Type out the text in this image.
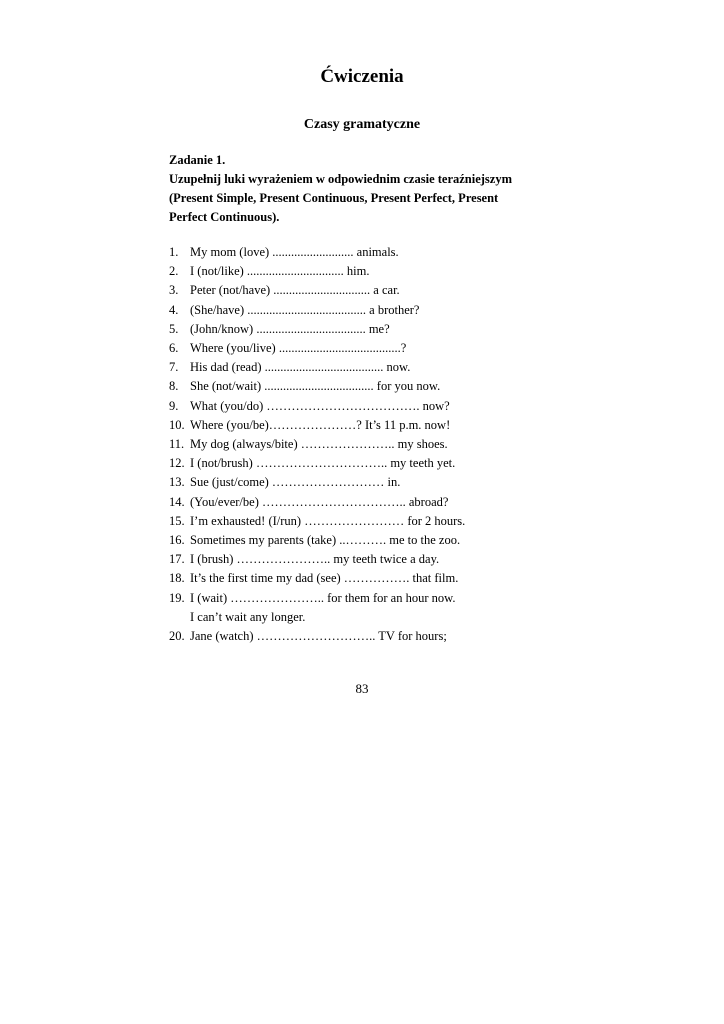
Ćwiczenia
Czasy gramatyczne
Zadanie 1.
Uzupełnij luki wyrażeniem w odpowiednim czasie teraźniejszym
(Present Simple, Present Continuous, Present Perfect, Present
Perfect Continuous).
1. My mom (love) .......................... animals.
2. I (not/like) ............................... him.
3. Peter (not/have) ............................... a car.
4. (She/have) ...................................... a brother?
5. (John/know) ................................... me?
6. Where (you/live) .......................................?
7. His dad (read) ...................................... now.
8. She (not/wait) ................................... for you now.
9. What (you/do) ………………………………. now?
10. Where (you/be)…………………? It’s 11 p.m. now!
11. My dog (always/bite) ………………….. my shoes.
12. I (not/brush) ………………………….. my teeth yet.
13. Sue (just/come) ……………………… in.
14. (You/ever/be) …………………………….. abroad?
15. I’m exhausted! (I/run) …………………… for 2 hours.
16. Sometimes my parents (take) ..………. me to the zoo.
17. I (brush) ………………….. my teeth twice a day.
18. It’s the first time my dad (see) ……………. that film.
19. I (wait) ………………….. for them for an hour now.
I can’t wait any longer.
20. Jane (watch) ……………………….. TV for hours;
83
